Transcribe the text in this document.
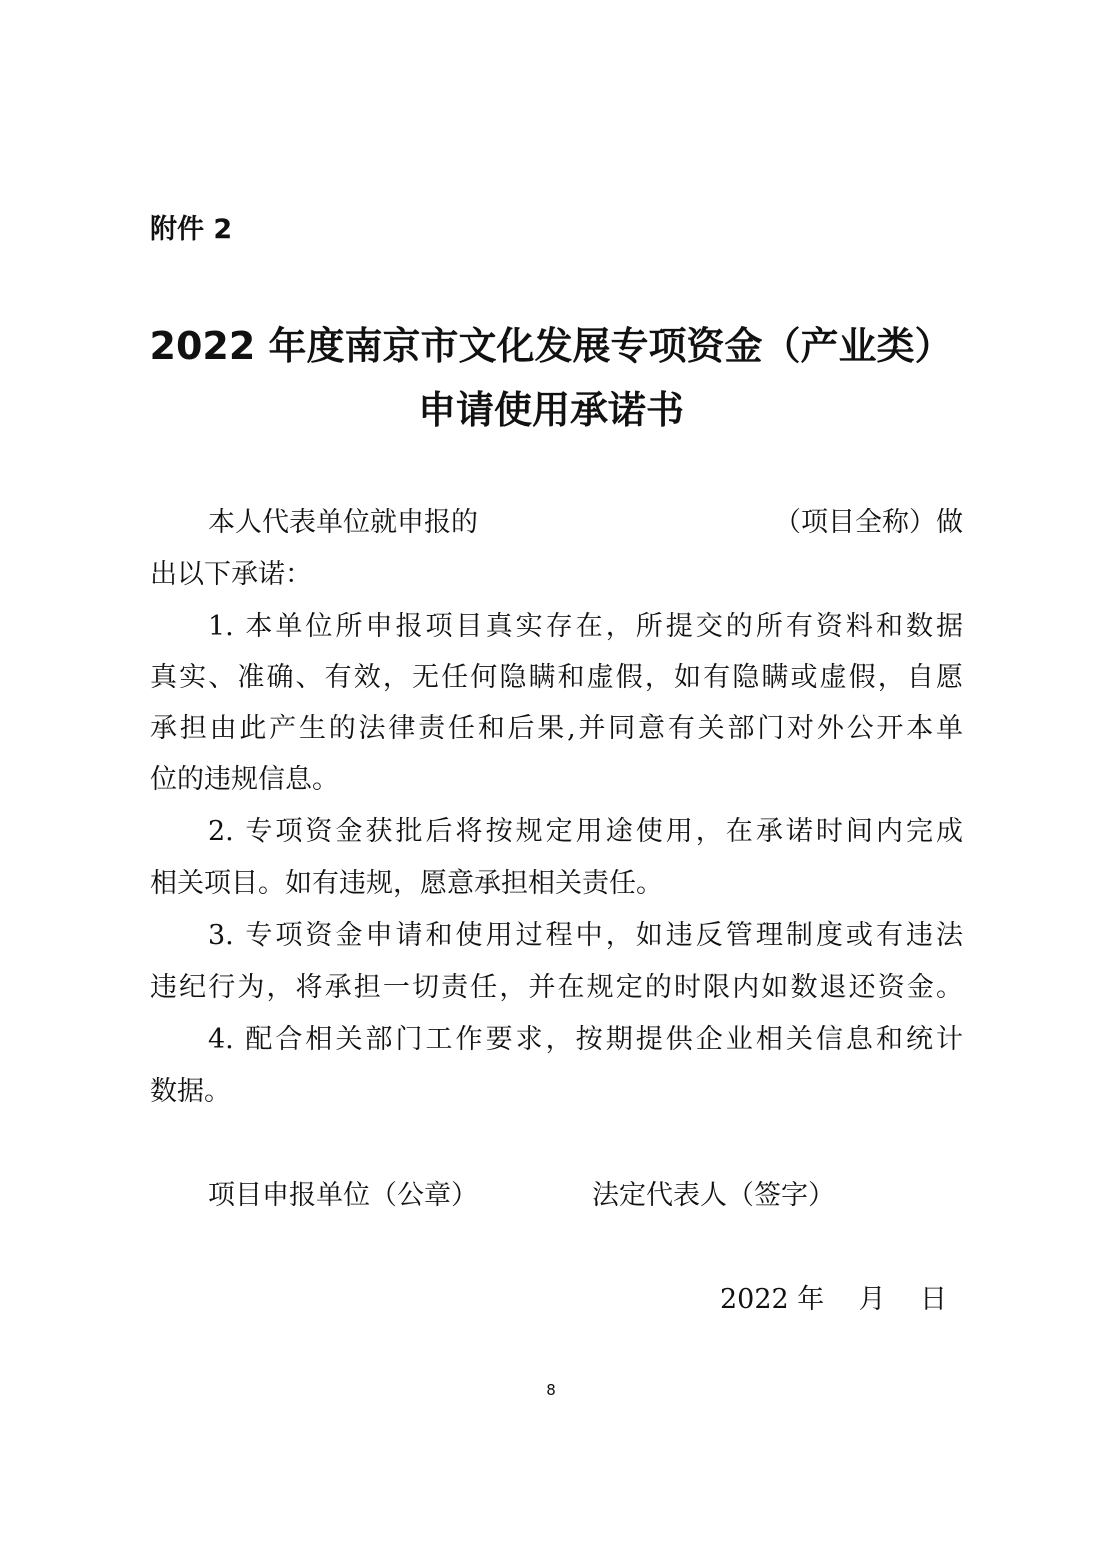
附件 2
2022 年度南京市文化发展专项资金（产业类）
申请使用承诺书
本人代表单位就申报的	（项目全称）做
出以下承诺：
1. 本单位所申报项目真实存在，所提交的所有资料和数据
真实、准确、有效，无任何隐瞒和虚假，如有隐瞒或虚假，自愿
承担由此产生的法律责任和后果,并同意有关部门对外公开本单
位的违规信息。
2. 专项资金获批后将按规定用途使用，在承诺时间内完成
相关项目。如有违规，愿意承担相关责任。
3. 专项资金申请和使用过程中，如违反管理制度或有违法
违纪行为，将承担一切责任，并在规定的时限内如数退还资金。
4. 配合相关部门工作要求，按期提供企业相关信息和统计
数据。
项目申报单位（公章）	法定代表人（签字）
2022 年    月    日
8
